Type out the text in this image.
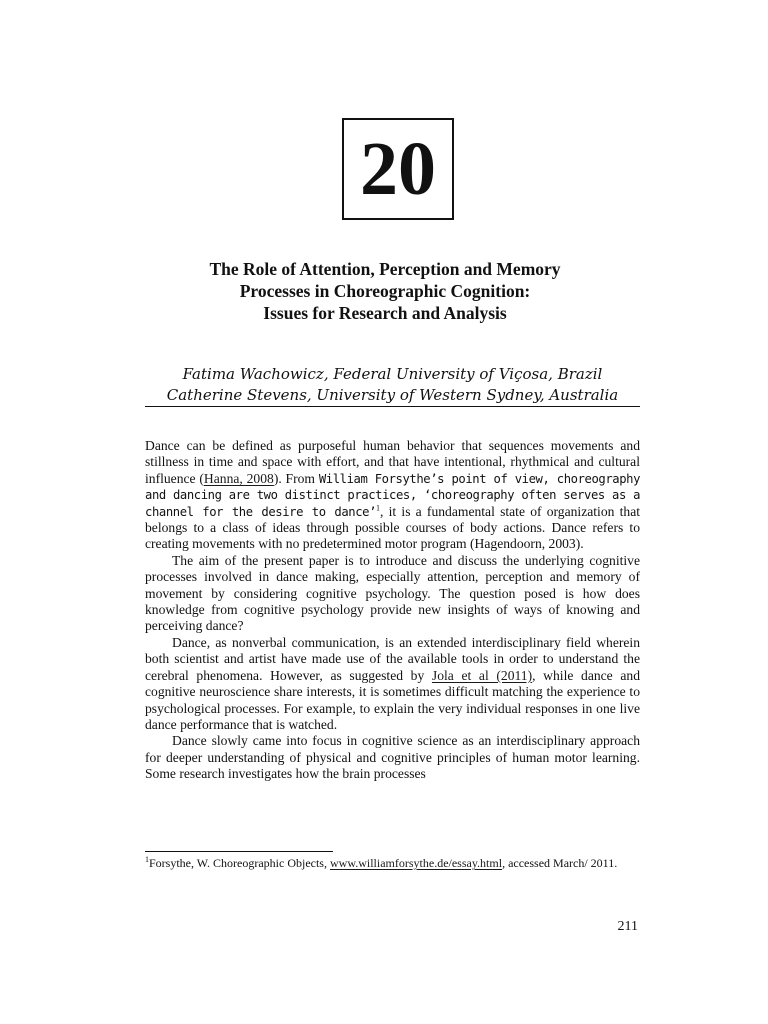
20
The Role of Attention, Perception and Memory
Processes in Choreographic Cognition:
Issues for Research and Analysis
Fatima Wachowicz, Federal University of Viçosa, Brazil
Catherine Stevens, University of Western Sydney, Australia

Dance can be defined as purposeful human behavior that sequences movements and stillness in time and space with effort, and that have intentional, rhythmical and cultural influence (Hanna, 2008). From William Forsythe’s point of view, choreography and dancing are two distinct practices, ‘choreography often serves as a channel for the desire to dance’$^1$, it is a fundamental state of organization that belongs to a class of ideas through possible courses of body actions. Dance refers to creating movements with no predetermined motor program (Hagendoorn, 2003).

The aim of the present paper is to introduce and discuss the underlying cognitive processes involved in dance making, especially attention, perception and memory of movement by considering cognitive psychology. The question posed is how does knowledge from cognitive psychology provide new insights of ways of knowing and perceiving dance?

Dance, as nonverbal communication, is an extended interdisciplinary field wherein both scientist and artist have made use of the available tools in order to understand the cerebral phenomena. However, as suggested by Jola et al (2011), while dance and cognitive neuroscience share interests, it is sometimes difficult matching the experience to psychological processes. For example, to explain the very individual responses in one live dance performance that is watched.

Dance slowly came into focus in cognitive science as an interdisciplinary approach for deeper understanding of physical and cognitive principles of human motor learning. Some research investigates how the brain processes

$^1$Forsythe, W. Choreographic Objects, www.williamforsythe.de/essay.html, accessed March/ 2011.
211
